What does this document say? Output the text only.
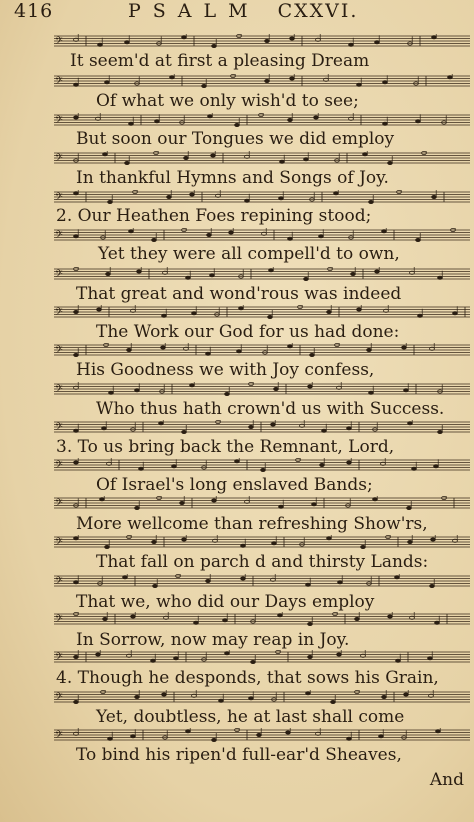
416	PSALM CXXVI.
𝄢
It seem'd at first a pleasing Dream
𝄢
Of what we only wish'd to see;
𝄢
But soon our Tongues we did employ
𝄢
In thankful Hymns and Songs of Joy.
𝄢
2. Our Heathen Foes repining stood;
𝄢
Yet they were all compell'd to own,
𝄢
That great and wond'rous was indeed
𝄢
The Work our God for us had done:
𝄢
His Goodness we with Joy confess,
𝄢
Who thus hath crown'd us with Success.
𝄢
3. To us bring back the Remnant, Lord,
𝄢
Of Israel's long enslaved Bands;
𝄢
More wellcome than refreshing Show'rs,
𝄢
That fall on parch d and thirsty Lands:
𝄢
That we, who did our Days employ
𝄢
In Sorrow, now may reap in Joy.
𝄢
4. Though he desponds, that sows his Grain,
𝄢
Yet, doubtless, he at last shall come
𝄢
To bind his ripen'd full-ear'd Sheaves,
And
